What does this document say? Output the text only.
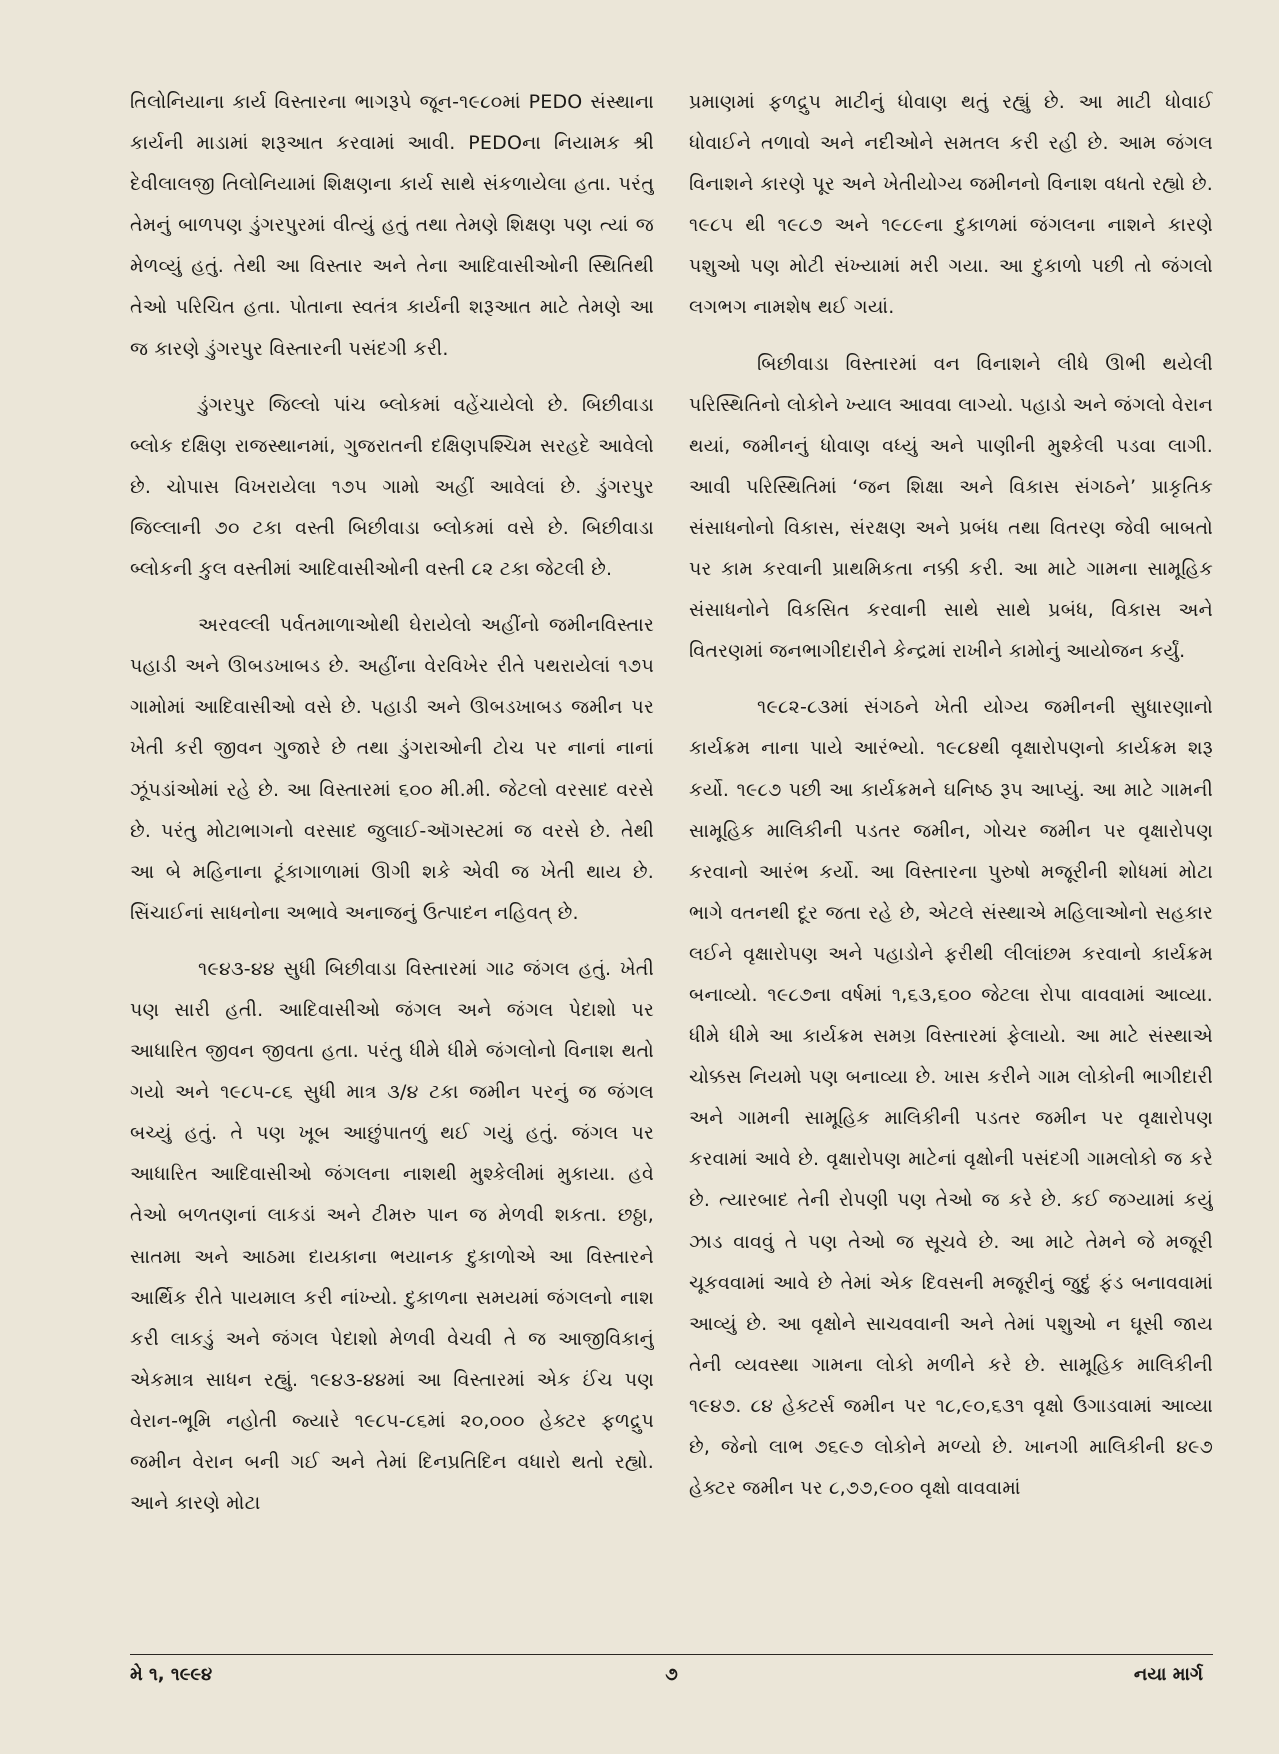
તિલોનિયાના કાર્ય વિસ્તારના ભાગરૂપે જૂન-૧૯૮૦માં PEDO સંસ્થાના કાર્યની માડામાં શરૂઆત કરવામાં આવી. PEDOના નિયામક શ્રી દેવીલાલજી તિલોનિયામાં શિક્ષણના કાર્ય સાથે સંકળાયેલા હતા. પરંતુ તેમનું બાળપણ ડુંગરપુરમાં વીત્યું હતું તથા તેમણે શિક્ષણ પણ ત્યાં જ મેળવ્યું હતું. તેથી આ વિસ્તાર અને તેના આદિવાસીઓની સ્થિતિથી તેઓ પરિચિત હતા. પોતાના સ્વતંત્ર કાર્યની શરૂઆત માટે તેમણે આ જ કારણે ડુંગરપુર વિસ્તારની પસંદગી કરી.

ડુંગરપુર જિલ્લો પાંચ બ્લોકમાં વહેંચાયેલો છે. બિછીવાડા બ્લોક દક્ષિણ રાજસ્થાનમાં, ગુજરાતની દક્ષિણપશ્ચિમ સરહદે આવેલો છે. ચોપાસ વિખરાયેલા ૧૭૫ ગામો અહીં આવેલાં છે. ડુંગરપુર જિલ્લાની ૭૦ ટકા વસ્તી બિછીવાડા બ્લોકમાં વસે છે. બિછીવાડા બ્લોકની કુલ વસ્તીમાં આદિવાસીઓની વસ્તી ૮૨ ટકા જેટલી છે.

અરવલ્લી પર્વતમાળાઓથી ઘેરાયેલો અહીંનો જમીનવિસ્તાર પહાડી અને ઊબડખાબડ છે. અહીંના વેરવિખેર રીતે પથરાયેલાં ૧૭૫ ગામોમાં આદિવાસીઓ વસે છે. પહાડી અને ઊબડખાબડ જમીન પર ખેતી કરી જીવન ગુજારે છે તથા ડુંગરાઓની ટોચ પર નાનાં નાનાં ઝૂંપડાંઓમાં રહે છે. આ વિસ્તારમાં ૬૦૦ મી.મી. જેટલો વરસાદ વરસે છે. પરંતુ મોટાભાગનો વરસાદ જુલાઈ-ઑગસ્ટમાં જ વરસે છે. તેથી આ બે મહિનાના ટૂંકાગાળામાં ઊગી શકે એવી જ ખેતી થાય છે. સિંચાઈનાં સાધનોના અભાવે અનાજનું ઉત્પાદન નહિવત્ છે.

૧૯૪૩-૪૪ સુધી બિછીવાડા વિસ્તારમાં ગાઢ જંગલ હતું. ખેતી પણ સારી હતી. આદિવાસીઓ જંગલ અને જંગલ પેદાશો પર આધારિત જીવન જીવતા હતા. પરંતુ ધીમે ધીમે જંગલોનો વિનાશ થતો ગયો અને ૧૯૮૫-૮૬ સુધી માત્ર ૩/૪ ટકા જમીન પરનું જ જંગલ બચ્યું હતું. તે પણ ખૂબ આછુંપાતળું થઈ ગયું હતું. જંગલ પર આધારિત આદિવાસીઓ જંગલના નાશથી મુશ્કેલીમાં મુકાયા. હવે તેઓ બળતણનાં લાકડાં અને ટીમરુ પાન જ મેળવી શકતા. છઠ્ઠા, સાતમા અને આઠમા દાયકાના ભયાનક દુકાળોએ આ વિસ્તારને આર્થિક રીતે પાયમાલ કરી નાંખ્યો. દુકાળના સમયમાં જંગલનો નાશ કરી લાકડું અને જંગલ પેદાશો મેળવી વેચવી તે જ આજીવિકાનું એકમાત્ર સાધન રહ્યું. ૧૯૪૩-૪૪માં આ વિસ્તારમાં એક ઈંચ પણ વેરાન-ભૂમિ નહોતી જ્યારે ૧૯૮૫-૮૬માં ૨૦,૦૦૦ હેક્ટર ફળદ્રુપ જમીન વેરાન બની ગઈ અને તેમાં દિનપ્રતિદિન વધારો થતો રહ્યો. આને કારણે મોટા

પ્રમાણમાં ફળદ્રુપ માટીનું ધોવાણ થતું રહ્યું છે. આ માટી ધોવાઈ ધોવાઈને તળાવો અને નદીઓને સમતલ કરી રહી છે. આમ જંગલ વિનાશને કારણે પૂર અને ખેતીયોગ્ય જમીનનો વિનાશ વધતો રહ્યો છે. ૧૯૮૫ થી ૧૯૮૭ અને ૧૯૮૯ના દુકાળમાં જંગલના નાશને કારણે પશુઓ પણ મોટી સંખ્યામાં મરી ગયા. આ દુકાળો પછી તો જંગલો લગભગ નામશેષ થઈ ગયાં.

બિછીવાડા વિસ્તારમાં વન વિનાશને લીધે ઊભી થયેલી પરિસ્થિતિનો લોકોને ખ્યાલ આવવા લાગ્યો. પહાડો અને જંગલો વેરાન થયાં, જમીનનું ધોવાણ વધ્યું અને પાણીની મુશ્કેલી પડવા લાગી. આવી પરિસ્થિતિમાં ‘જન શિક્ષા અને વિકાસ સંગઠને’ પ્રાકૃતિક સંસાધનોનો વિકાસ, સંરક્ષણ અને પ્રબંધ તથા વિતરણ જેવી બાબતો પર કામ કરવાની પ્રાથમિકતા નક્કી કરી. આ માટે ગામના સામૂહિક સંસાધનોને વિકસિત કરવાની સાથે સાથે પ્રબંધ, વિકાસ અને વિતરણમાં જનભાગીદારીને કેન્દ્રમાં રાખીને કામોનું આયોજન કર્યું.

૧૯૮૨-૮૩માં સંગઠને ખેતી યોગ્ય જમીનની સુધારણાનો કાર્યક્રમ નાના પાયે આરંભ્યો. ૧૯૮૪થી વૃક્ષારોપણનો કાર્યક્રમ શરૂ કર્યો. ૧૯૮૭ પછી આ કાર્યક્રમને ઘનિષ્ઠ રૂપ આપ્યું. આ માટે ગામની સામૂહિક માલિકીની પડતર જમીન, ગોચર જમીન પર વૃક્ષારોપણ કરવાનો આરંભ કર્યો. આ વિસ્તારના પુરુષો મજૂરીની શોધમાં મોટા ભાગે વતનથી દૂર જતા રહે છે, એટલે સંસ્થાએ મહિલાઓનો સહકાર લઈને વૃક્ષારોપણ અને પહાડોને ફરીથી લીલાંછમ કરવાનો કાર્યક્રમ બનાવ્યો. ૧૯૮૭ના વર્ષમાં ૧,૬૩,૬૦૦ જેટલા રોપા વાવવામાં આવ્યા. ધીમે ધીમે આ કાર્યક્રમ સમગ્ર વિસ્તારમાં ફેલાયો. આ માટે સંસ્થાએ ચોક્કસ નિયમો પણ બનાવ્યા છે. ખાસ કરીને ગામ લોકોની ભાગીદારી અને ગામની સામૂહિક માલિકીની પડતર જમીન પર વૃક્ષારોપણ કરવામાં આવે છે. વૃક્ષારોપણ માટેનાં વૃક્ષોની પસંદગી ગામલોકો જ કરે છે. ત્યારબાદ તેની રોપણી પણ તેઓ જ કરે છે. કઈ જગ્યામાં કયું ઝાડ વાવવું તે પણ તેઓ જ સૂચવે છે. આ માટે તેમને જે મજૂરી ચૂકવવામાં આવે છે તેમાં એક દિવસની મજૂરીનું જુદું ફંડ બનાવવામાં આવ્યું છે. આ વૃક્ષોને સાચવવાની અને તેમાં પશુઓ ન ઘૂસી જાય તેની વ્યવસ્થા ગામના લોકો મળીને કરે છે. સામૂહિક માલિકીની ૧૯૪૭. ૮૪ હેક્ટર્સ જમીન પર ૧૮,૯૦,૬૩૧ વૃક્ષો ઉગાડવામાં આવ્યા છે, જેનો લાભ ૭૬૯૭ લોકોને મળ્યો છે. ખાનગી માલિકીની ૪૯૭ હેક્ટર જમીન પર ૮,૭૭,૯૦૦ વૃક્ષો વાવવામાં

મે ૧, ૧૯૯૪	૭	નયા માર્ગ
